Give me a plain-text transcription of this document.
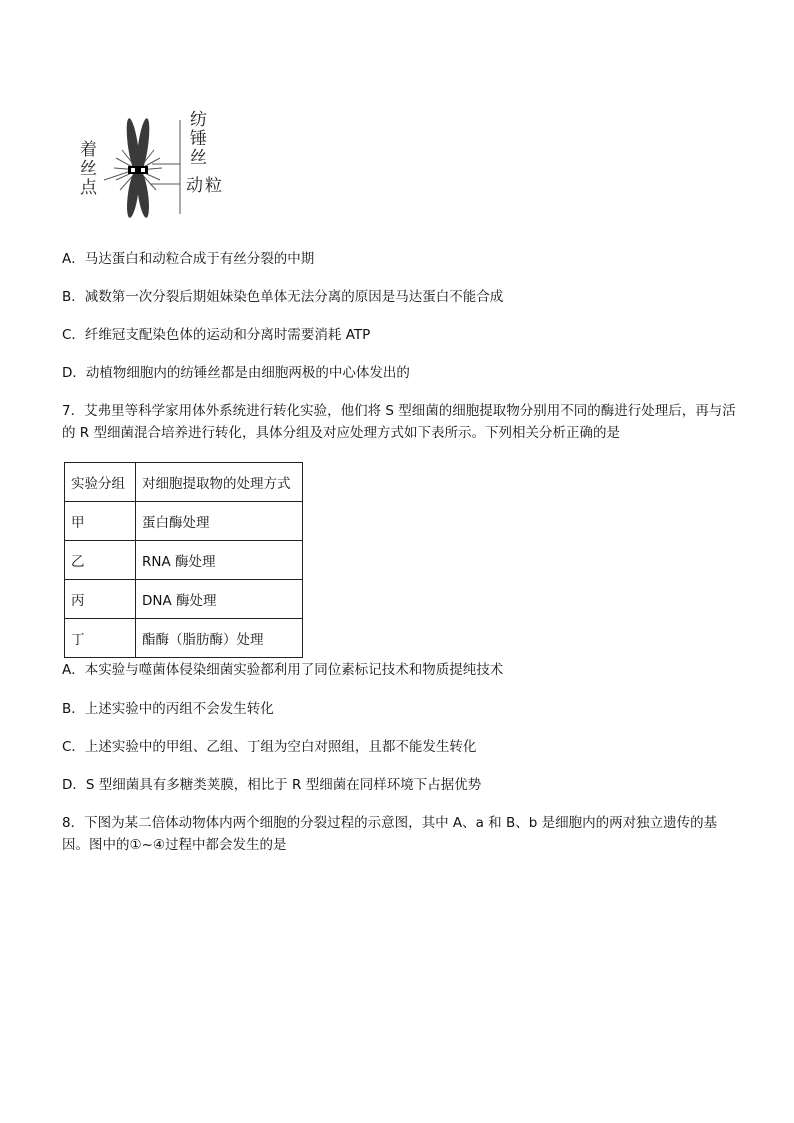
着丝点
纺锤丝
动粒
A．马达蛋白和动粒合成于有丝分裂的中期
B．减数第一次分裂后期姐妹染色单体无法分离的原因是马达蛋白不能合成
C．纤维冠支配染色体的运动和分离时需要消耗 ATP
D．动植物细胞内的纺锤丝都是由细胞两极的中心体发出的
7．艾弗里等科学家用体外系统进行转化实验，他们将 S 型细菌的细胞提取物分别用不同的酶进行处理后，再与活的 R 型细菌混合培养进行转化，具体分组及对应处理方式如下表所示。下列相关分析正确的是
实验分组	对细胞提取物的处理方式
甲	蛋白酶处理
乙	RNA 酶处理
丙	DNA 酶处理
丁	酯酶（脂肪酶）处理
A．本实验与噬菌体侵染细菌实验都利用了同位素标记技术和物质提纯技术
B．上述实验中的丙组不会发生转化
C．上述实验中的甲组、乙组、丁组为空白对照组，且都不能发生转化
D．S 型细菌具有多糖类荚膜，相比于 R 型细菌在同样环境下占据优势
8．下图为某二倍体动物体内两个细胞的分裂过程的示意图，其中 A、a 和 B、b 是细胞内的两对独立遗传的基因。图中的①~④过程中都会发生的是
